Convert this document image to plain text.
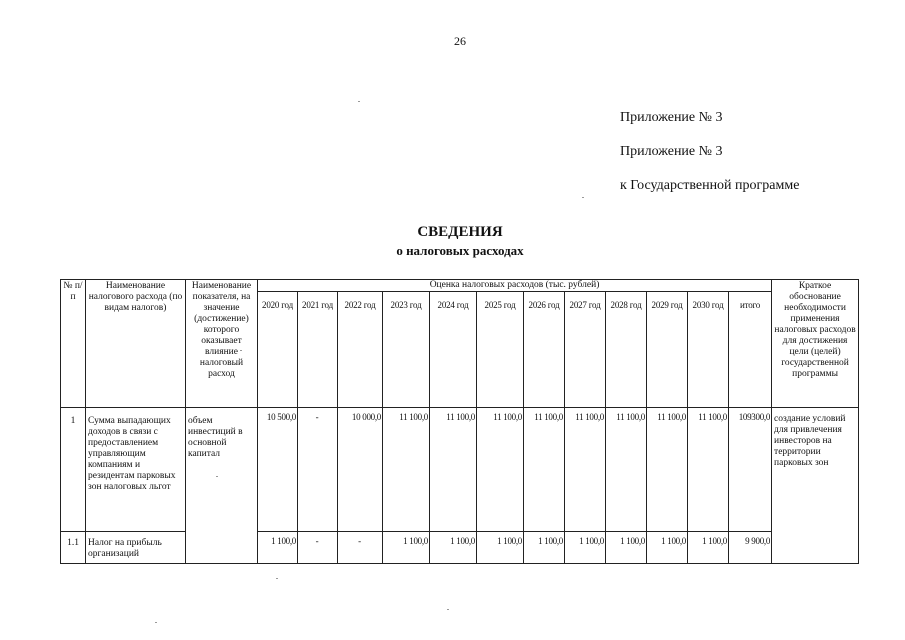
26
Приложение № 3
Приложение № 3
к Государственной программе
СВЕДЕНИЯ
о налоговых расходах
№ п/п	Наименование налогового расхода (по видам налогов)	Наименование показателя, на значение (достижение) которого оказывает влияние налоговый расход	Оценка налоговых расходов (тыс. рублей)												Краткое обоснование необходимости применения налоговых расходов для достижения цели (целей) государственной программы
			2020 год	2021 год	2022 год	2023 год	2024 год	2025 год	2026 год	2027 год	2028 год	2029 год	2030 год	итого	
1	Сумма выпадающих доходов в связи с предоставлением управляющим компаниям и резидентам парковых зон налоговых льгот	объем инвестиций в основной капитал	10 500,0	-	10 000,0	11 100,0	11 100,0	11 100,0	11 100,0	11 100,0	11 100,0	11 100,0	11 100,0	109300,0	создание условий для привлечения инвесторов на территории парковых зон
1.1	Налог на прибыль организаций		1 100,0	-	-	1 100,0	1 100,0	1 100,0	1 100,0	1 100,0	1 100,0	1 100,0	1 100,0	9 900,0	
